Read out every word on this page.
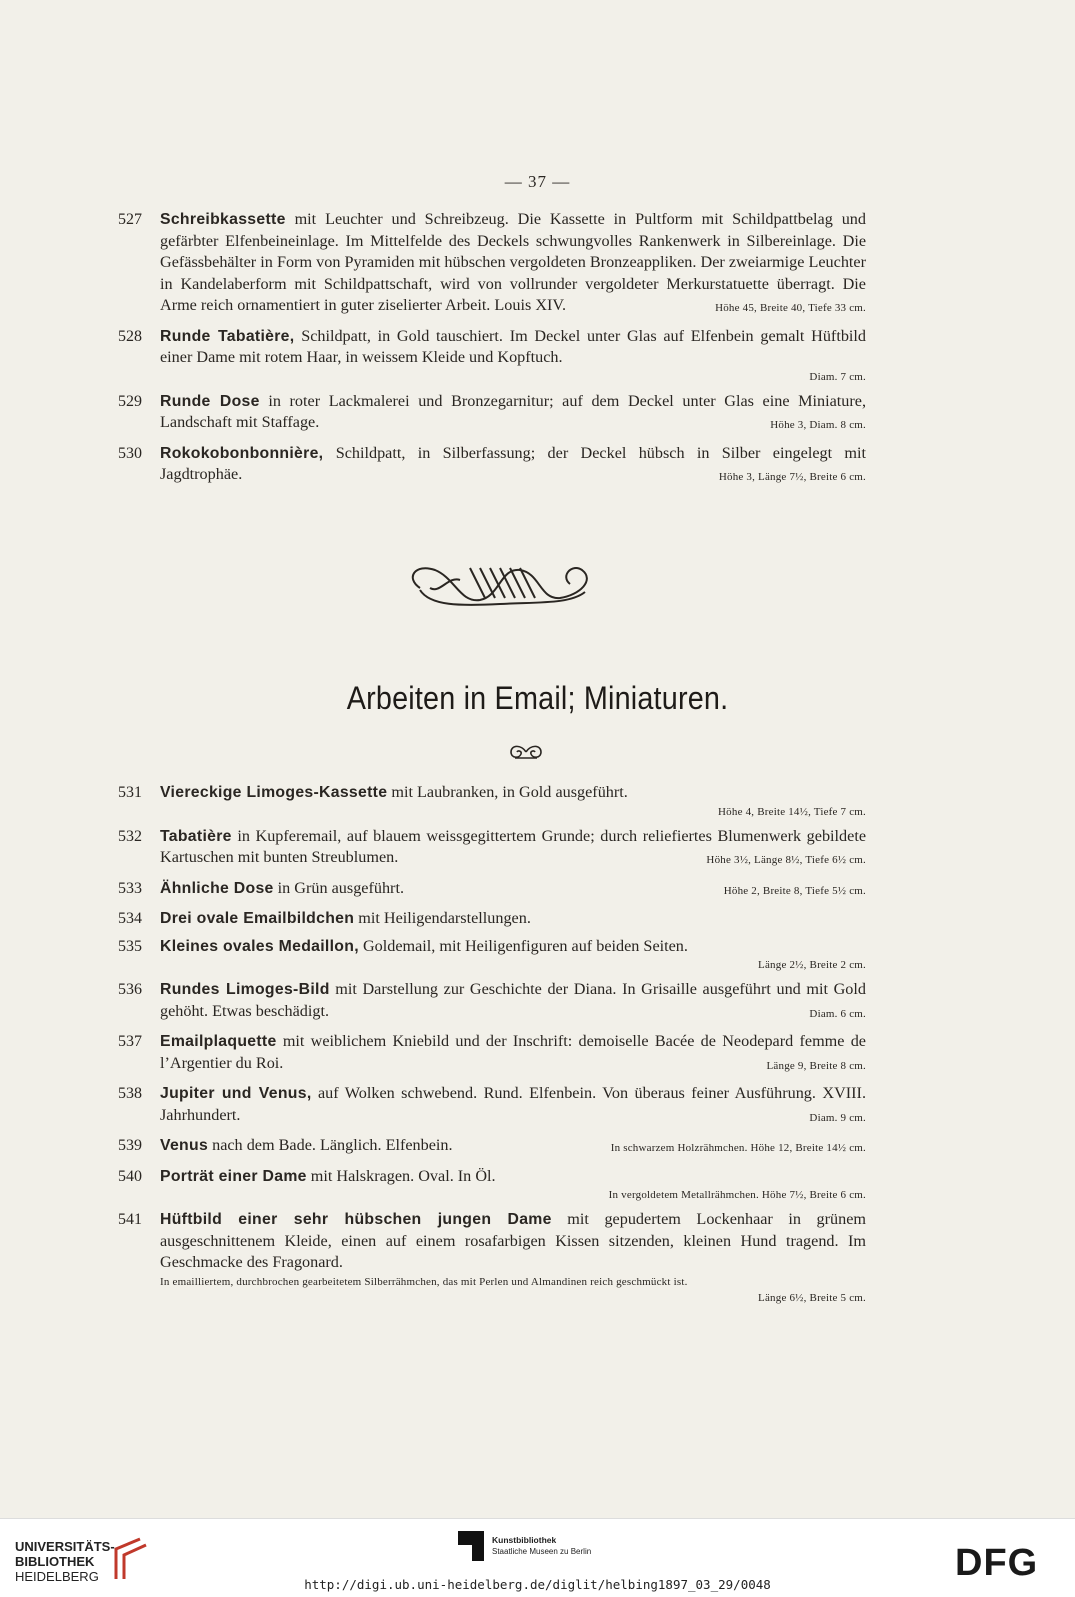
— 37 —
527 Schreibkassette mit Leuchter und Schreibzeug. Die Kassette in Pultform mit Schildpattbelag und gefärbter Elfenbeineinlage. Im Mittelfelde des Deckels schwungvolles Rankenwerk in Silbereinlage. Die Gefässbehälter in Form von Pyramiden mit hübschen vergoldeten Bronzeappliken. Der zweiarmige Leuchter in Kandelaberform mit Schildpattschaft, wird von vollrunder vergoldeter Merkurstatuette überragt. Die Arme reich ornamentiert in guter ziselierter Arbeit. Louis XIV.	Höhe 45, Breite 40, Tiefe 33 cm.
528 Runde Tabatière, Schildpatt, in Gold tauschiert. Im Deckel unter Glas auf Elfenbein gemalt Hüftbild einer Dame mit rotem Haar, in weissem Kleide und Kopftuch.
Diam. 7 cm.
529 Runde Dose in roter Lackmalerei und Bronzegarnitur; auf dem Deckel unter Glas eine Miniature, Landschaft mit Staffage.	Höhe 3, Diam. 8 cm.
530 Rokokobonbonnière, Schildpatt, in Silberfassung; der Deckel hübsch in Silber eingelegt mit Jagdtrophäe.	Höhe 3, Länge 7½, Breite 6 cm.
Arbeiten in Email; Miniaturen.
531 Viereckige Limoges-Kassette mit Laubranken, in Gold ausgeführt.
Höhe 4, Breite 14½, Tiefe 7 cm.
532 Tabatière in Kupferemail, auf blauem weissgegittertem Grunde; durch reliefiertes Blumenwerk gebildete Kartuschen mit bunten Streublumen.	Höhe 3½, Länge 8½, Tiefe 6½ cm.
533 Ähnliche Dose in Grün ausgeführt.	Höhe 2, Breite 8, Tiefe 5½ cm.
534 Drei ovale Emailbildchen mit Heiligendarstellungen.
535 Kleines ovales Medaillon, Goldemail, mit Heiligenfiguren auf beiden Seiten.
Länge 2½, Breite 2 cm.
536 Rundes Limoges-Bild mit Darstellung zur Geschichte der Diana. In Grisaille ausgeführt und mit Gold gehöht. Etwas beschädigt.	Diam. 6 cm.
537 Emailplaquette mit weiblichem Kniebild und der Inschrift: demoiselle Bacée de Neodepard femme de l’Argentier du Roi.	Länge 9, Breite 8 cm.
538 Jupiter und Venus, auf Wolken schwebend. Rund. Elfenbein. Von überaus feiner Ausführung. XVIII. Jahrhundert.	Diam. 9 cm.
539 Venus nach dem Bade. Länglich. Elfenbein.	In schwarzem Holzrähmchen. Höhe 12, Breite 14½ cm.
540 Porträt einer Dame mit Halskragen. Oval. In Öl.
In vergoldetem Metallrähmchen. Höhe 7½, Breite 6 cm.
541 Hüftbild einer sehr hübschen jungen Dame mit gepudertem Lockenhaar in grünem ausgeschnittenem Kleide, einen auf einem rosafarbigen Kissen sitzenden, kleinen Hund tragend. Im Geschmacke des Fragonard.
In emailliertem, durchbrochen gearbeitetem Silberrähmchen, das mit Perlen und Almandinen reich geschmückt ist.

Länge 6½, Breite 5 cm.
UNIVERSITÄTS-
BIBLIOTHEK
HEIDELBERG
Kunstbibliothek
Staatliche Museen zu Berlin	DFG
http://digi.ub.uni-heidelberg.de/diglit/helbing1897_03_29/0048
